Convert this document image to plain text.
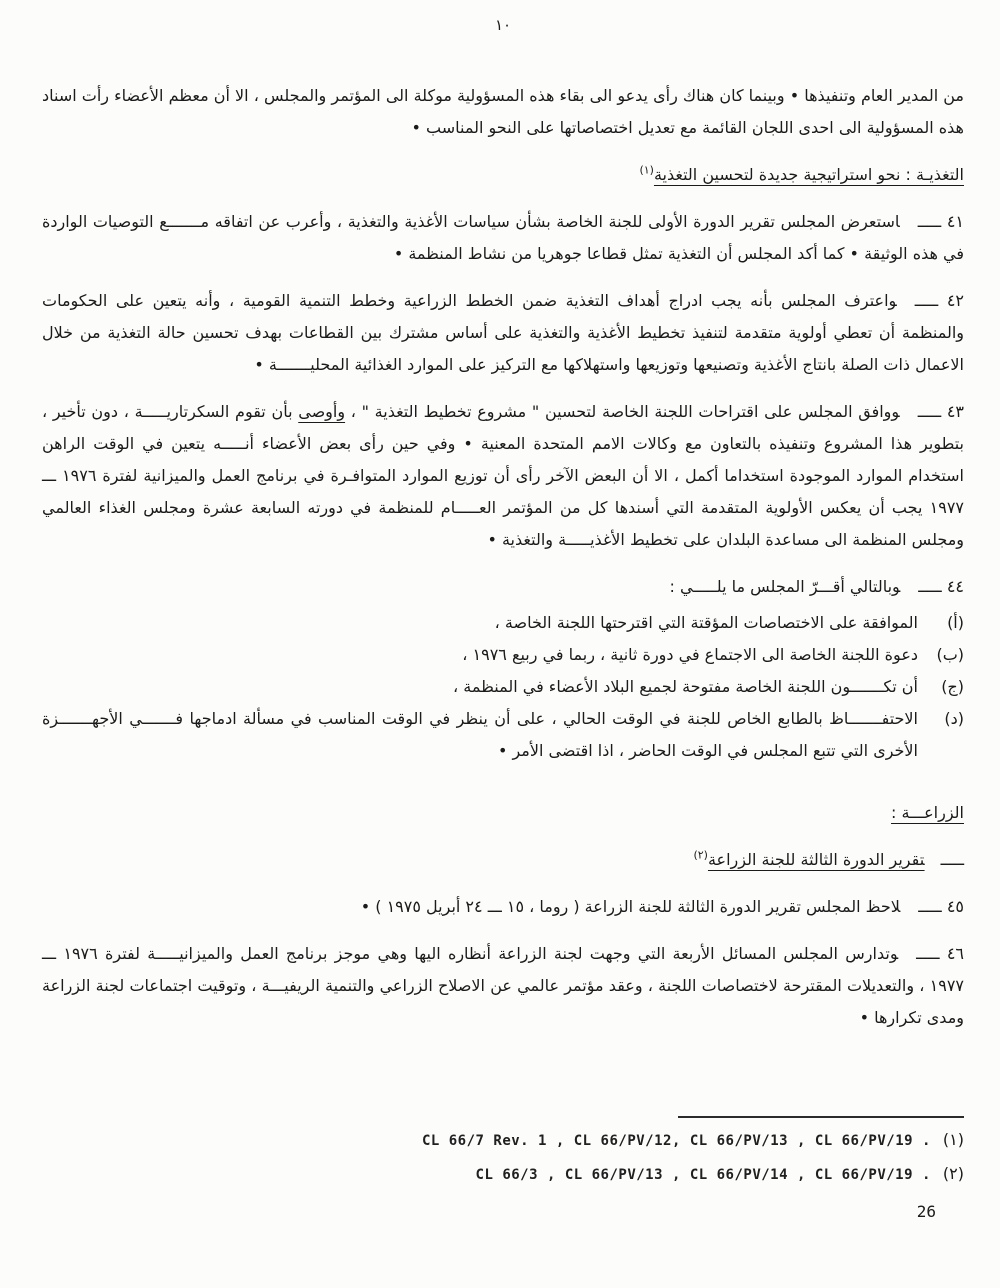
١٠

من المدير العام وتنفيذها • وبينما كان هناك رأى يدعو الى بقاء هذه المسؤولية موكلة الى المؤتمر والمجلس ، الا أن معظم الأعضاء رأت اسناد هذه المسؤولية الى احدى اللجان القائمة مع تعديل اختصاصاتها على النحو المناسب •

التغذيـة : نحو استراتيجية جديدة لتحسين التغذية$^{(١)}$

٤١ ـــــاستعرض المجلس تقرير الدورة الأولى للجنة الخاصة بشأن سياسات الأغذية والتغذية ، وأعرب عن اتفاقه مـــــــع التوصيات الواردة في هذه الوثيقة • كما أكد المجلس أن التغذية تمثل قطاعا جوهريا من نشاط المنظمة •

٤٢ ـــــواعترف المجلس بأنه يجب ادراج أهداف التغذية ضمن الخطط الزراعية وخطط التنمية القومية ، وأنه يتعين على الحكومات والمنظمة أن تعطي أولوية متقدمة لتنفيذ تخطيط الأغذية والتغذية على أساس مشترك بين القطاعات بهدف تحسين حالة التغذية من خلال الاعمال ذات الصلة بانتاج الأغذية وتصنيعها وتوزيعها واستهلاكها مع التركيز على الموارد الغذائية المحليـــــــة •

٤٣ ـــــووافق المجلس على اقتراحات اللجنة الخاصة لتحسين " مشروع تخطيط التغذية " ، وأوصى بأن تقوم السكرتاريـــــة ، دون تأخير ، بتطوير هذا المشروع وتنفيذه بالتعاون مع وكالات الامم المتحدة المعنية • وفي حين رأى بعض الأعضاء أنـــــه يتعين في الوقت الراهن استخدام الموارد الموجودة استخداما أكمل ، الا أن البعض الآخر رأى أن توزيع الموارد المتوافـرة في برنامج العمل والميزانية لفترة ١٩٧٦ ـــ ١٩٧٧ يجب أن يعكس الأولوية المتقدمة التي أسندها كل من المؤتمر العـــــام للمنظمة في دورته السابعة عشرة ومجلس الغذاء العالمي ومجلس المنظمة الى مساعدة البلدان على تخطيط الأغذيـــــة والتغذية •

٤٤ ـــــوبالتالي أقـــرّ المجلس ما يلـــــي :

(أ)
الموافقة على الاختصاصات المؤقتة التي اقترحتها اللجنة الخاصة ،
(ب)
دعوة اللجنة الخاصة الى الاجتماع في دورة ثانية ، ربما في ربيع ١٩٧٦ ،
(ج)
أن تكـــــــون اللجنة الخاصة مفتوحة لجميع البلاد الأعضاء في المنظمة ،
(د)
الاحتفـــــــاظ بالطابع الخاص للجنة في الوقت الحالي ، على أن ينظر في الوقت المناسب في مسألة ادماجها فـــــــي الأجهـــــــزة الأخرى التي تتبع المجلس في الوقت الحاضر ، اذا اقتضى الأمر •
الزراعـــة :
ـــــتقرير الدورة الثالثة للجنة الزراعة$^{(٢)}$

٤٥ ـــــلاحظ المجلس تقرير الدورة الثالثة للجنة الزراعة ( روما ، ١٥ ـــ ٢٤ أبريل ١٩٧٥ ) •

٤٦ ـــــوتدارس المجلس المسائل الأربعة التي وجهت لجنة الزراعة أنظاره اليها وهي موجز برنامج العمل والميزانيـــــة لفترة ١٩٧٦ ـــ ١٩٧٧ ، والتعديلات المقترحة لاختصاصات اللجنة ، وعقد مؤتمر عالمي عن الاصلاح الزراعي والتنمية الريفيـــة ، وتوقيت اجتماعات لجنة الزراعة ومدى تكرارها •

(١)
CL 66/7 Rev. 1 , CL 66/PV/12, CL 66/PV/13 , CL 66/PV/19 .
(٢)
CL 66/3 , CL 66/PV/13 , CL 66/PV/14 , CL 66/PV/19 .
26
